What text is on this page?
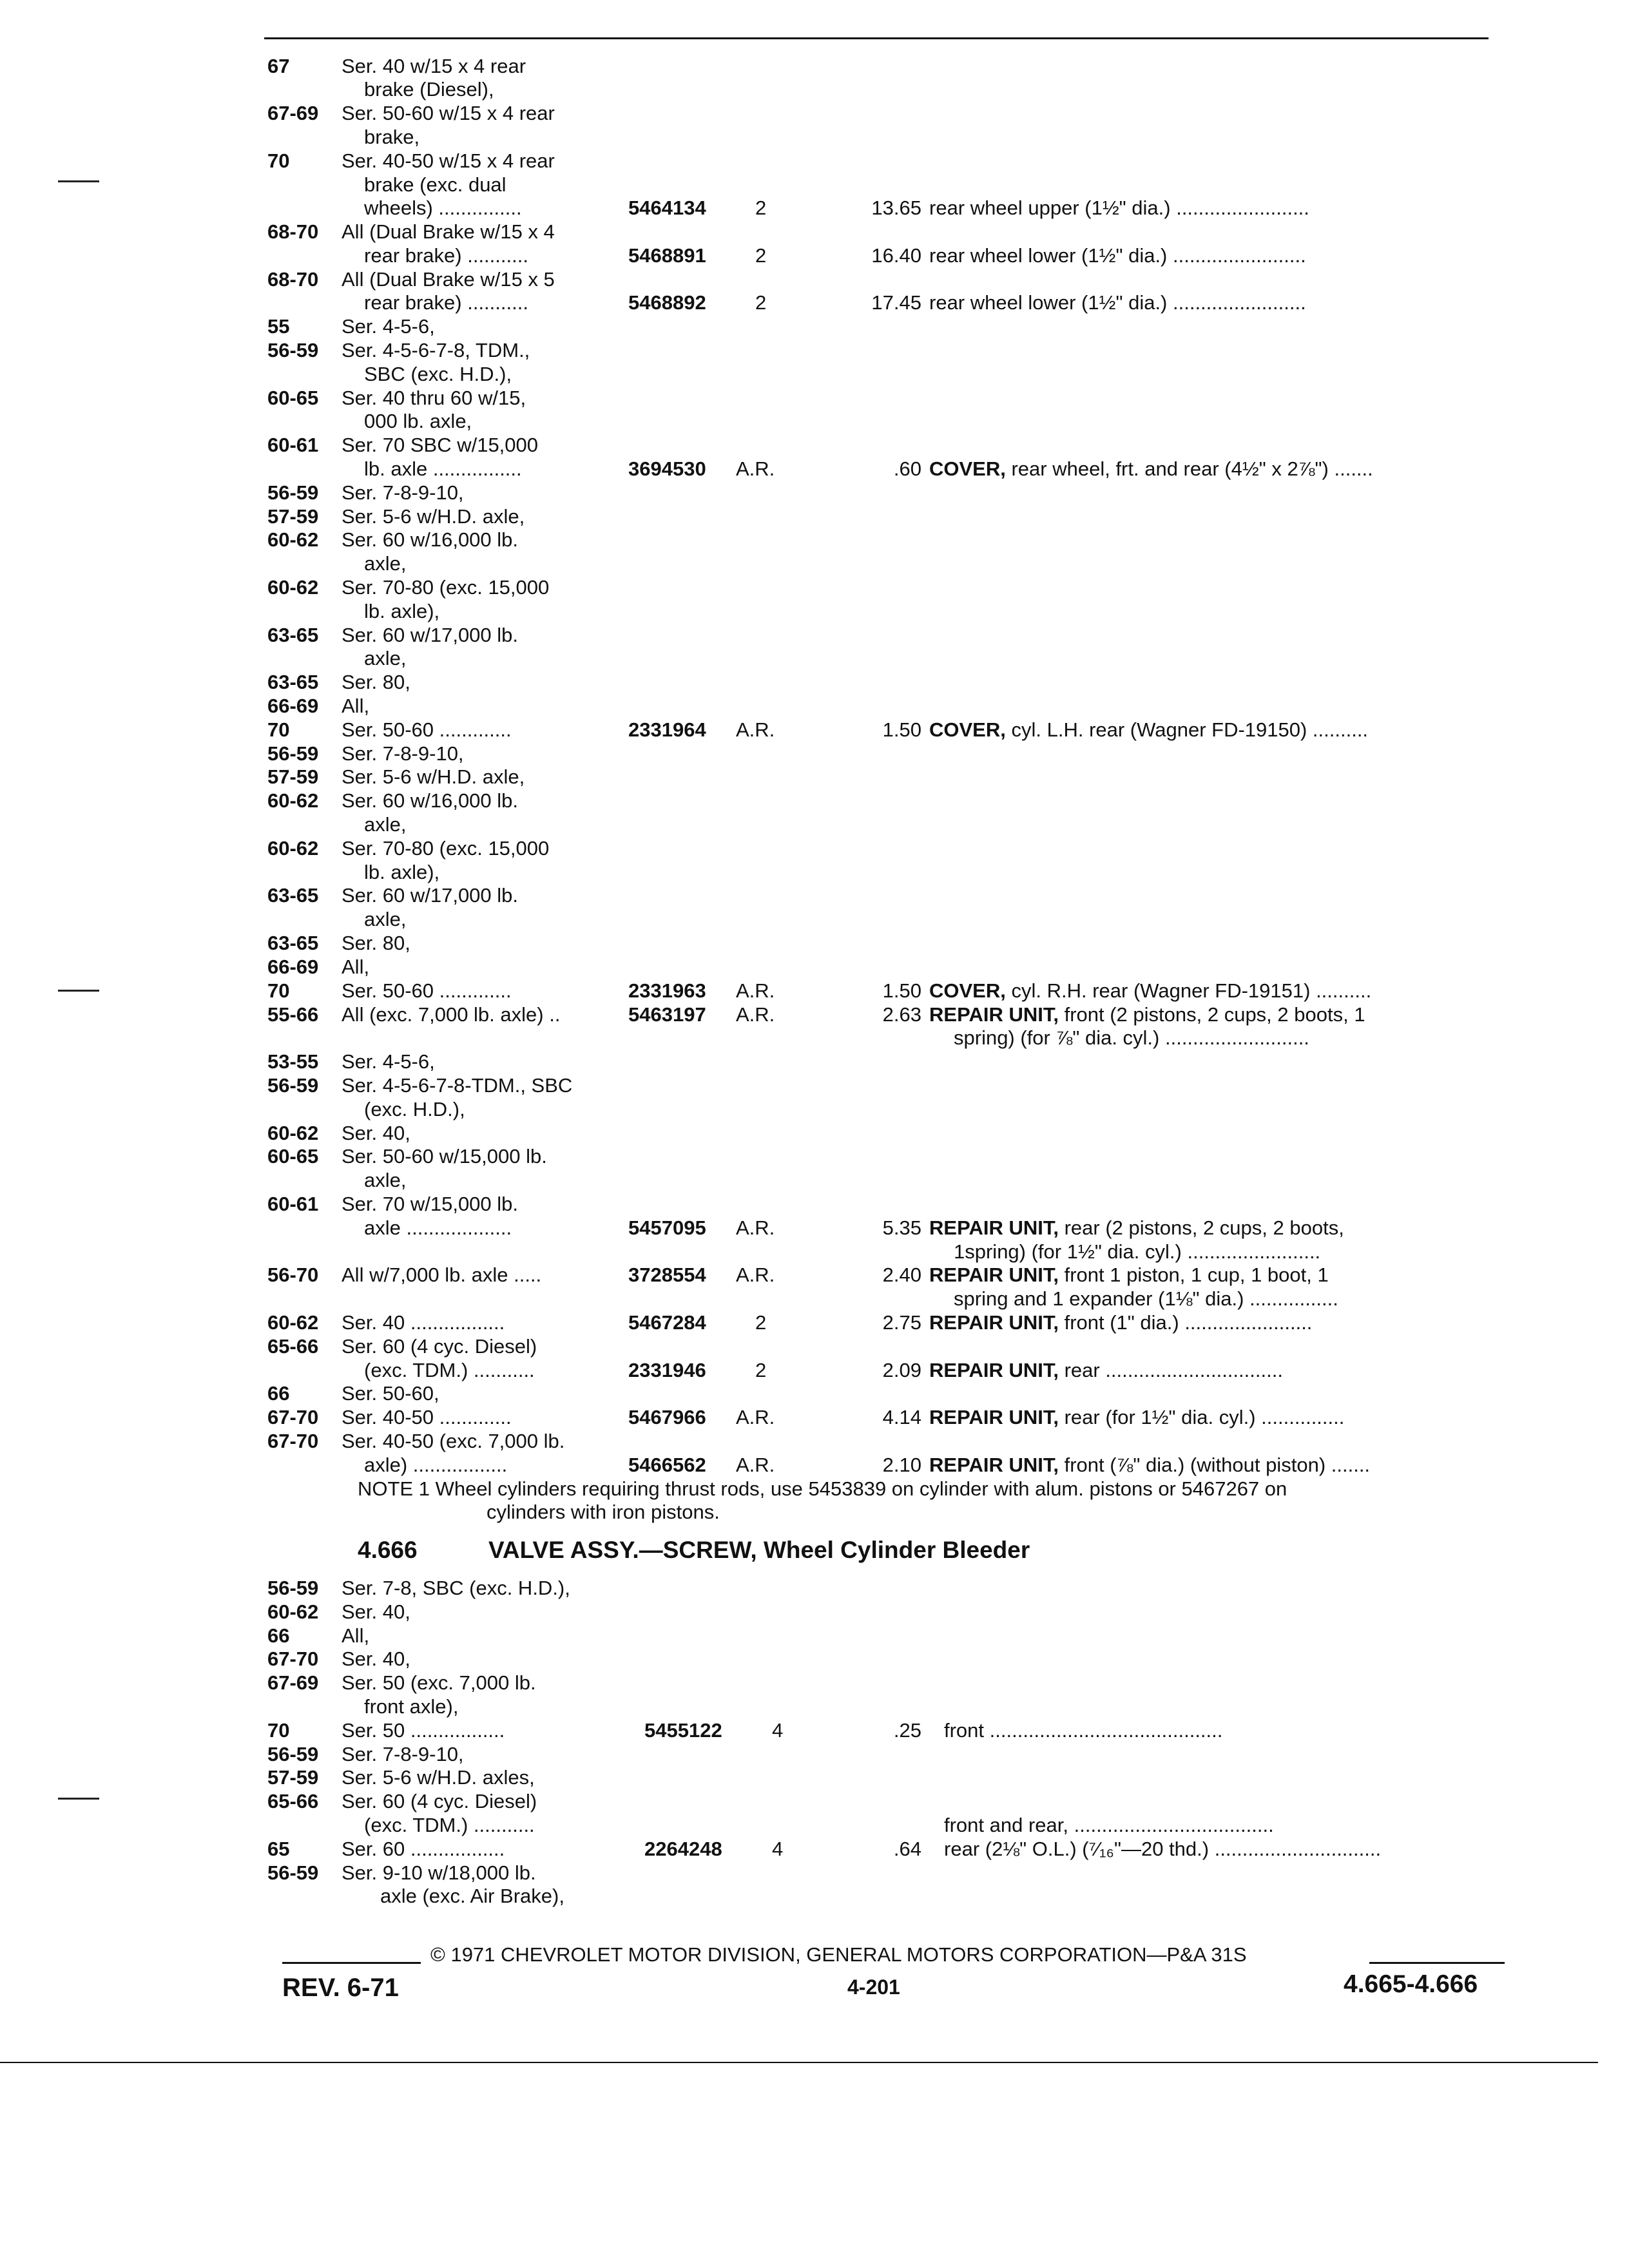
67	Ser. 40 w/15 x 4 rear
brake (Diesel),
67-69 Ser. 50-60 w/15 x 4 rear
brake,
70	Ser. 40-50 w/15 x 4 rear
brake (exc. dual
wheels) ...............	5464134 2	13.65 rear wheel upper (1½" dia.) ........................
68-70 All (Dual Brake w/15 x 4
rear brake) ...........	5468891 2	16.40 rear wheel lower (1½" dia.) ........................
68-70 All (Dual Brake w/15 x 5
rear brake) ...........	5468892 2	17.45 rear wheel lower (1½" dia.) ........................
55	Ser. 4-5-6,
56-59 Ser. 4-5-6-7-8, TDM.,
SBC (exc. H.D.),
60-65 Ser. 40 thru 60 w/15,
000 lb. axle,
60-61 Ser. 70 SBC w/15,000
lb. axle ................	3694530 A.R.	.60 COVER, rear wheel, frt. and rear (4½" x 2⅞") .......
56-59 Ser. 7-8-9-10,
57-59 Ser. 5-6 w/H.D. axle,
60-62 Ser. 60 w/16,000 lb.
axle,
60-62 Ser. 70-80 (exc. 15,000
lb. axle),
63-65 Ser. 60 w/17,000 lb.
axle,
63-65 Ser. 80,
66-69 All,
70	Ser. 50-60 .............	2331964 A.R.	1.50 COVER, cyl. L.H. rear (Wagner FD-19150) ..........
56-59 Ser. 7-8-9-10,
57-59 Ser. 5-6 w/H.D. axle,
60-62 Ser. 60 w/16,000 lb.
axle,
60-62 Ser. 70-80 (exc. 15,000
lb. axle),
63-65 Ser. 60 w/17,000 lb.
axle,
63-65 Ser. 80,
66-69 All,
70	Ser. 50-60 .............	2331963 A.R.	1.50 COVER, cyl. R.H. rear (Wagner FD-19151) ..........
55-66 All (exc. 7,000 lb. axle) ..	5463197 A.R.	2.63 REPAIR UNIT, front (2 pistons, 2 cups, 2 boots, 1
spring) (for ⅞" dia. cyl.) ..........................
53-55 Ser. 4-5-6,
56-59 Ser. 4-5-6-7-8-TDM., SBC
(exc. H.D.),
60-62 Ser. 40,
60-65 Ser. 50-60 w/15,000 lb.
axle,
60-61 Ser. 70 w/15,000 lb.
axle ...................	5457095 A.R.	5.35 REPAIR UNIT, rear (2 pistons, 2 cups, 2 boots,
1spring) (for 1½" dia. cyl.) ........................
56-70 All w/7,000 lb. axle .....	3728554 A.R.	2.40 REPAIR UNIT, front 1 piston, 1 cup, 1 boot, 1
spring and 1 expander (1⅛" dia.) ................
60-62 Ser. 40 .................	5467284 2	2.75 REPAIR UNIT, front (1" dia.) .......................
65-66 Ser. 60 (4 cyc. Diesel)
(exc. TDM.) ...........	2331946 2	2.09 REPAIR UNIT, rear ................................
66	Ser. 50-60,
67-70 Ser. 40-50 .............	5467966 A.R.	4.14 REPAIR UNIT, rear (for 1½" dia. cyl.) ...............
67-70 Ser. 40-50 (exc. 7,000 lb.
axle) .................	5466562 A.R.	2.10 REPAIR UNIT, front (⅞" dia.) (without piston) .......
NOTE 1 Wheel cylinders requiring thrust rods, use 5453839 on cylinder with alum. pistons or 5467267 on
cylinders with iron pistons.
4.666	VALVE ASSY.—SCREW, Wheel Cylinder Bleeder
56-59 Ser. 7-8, SBC (exc. H.D.),
60-62 Ser. 40,
66	All,
67-70 Ser. 40,
67-69 Ser. 50 (exc. 7,000 lb.
front axle),
70	Ser. 50 .................	5455122 4	.25 front ..........................................
56-59 Ser. 7-8-9-10,
57-59 Ser. 5-6 w/H.D. axles,
65-66 Ser. 60 (4 cyc. Diesel)
(exc. TDM.) ...........	front and rear, ....................................
65	Ser. 60 .................	2264248 4	.64 rear (2⅛" O.L.) (⁷⁄₁₆"—20 thd.) ..............................
56-59 Ser. 9-10 w/18,000 lb.
axle (exc. Air Brake),
© 1971 CHEVROLET MOTOR DIVISION, GENERAL MOTORS CORPORATION—P&A 31S
REV. 6-71	4-201	4.665-4.666
